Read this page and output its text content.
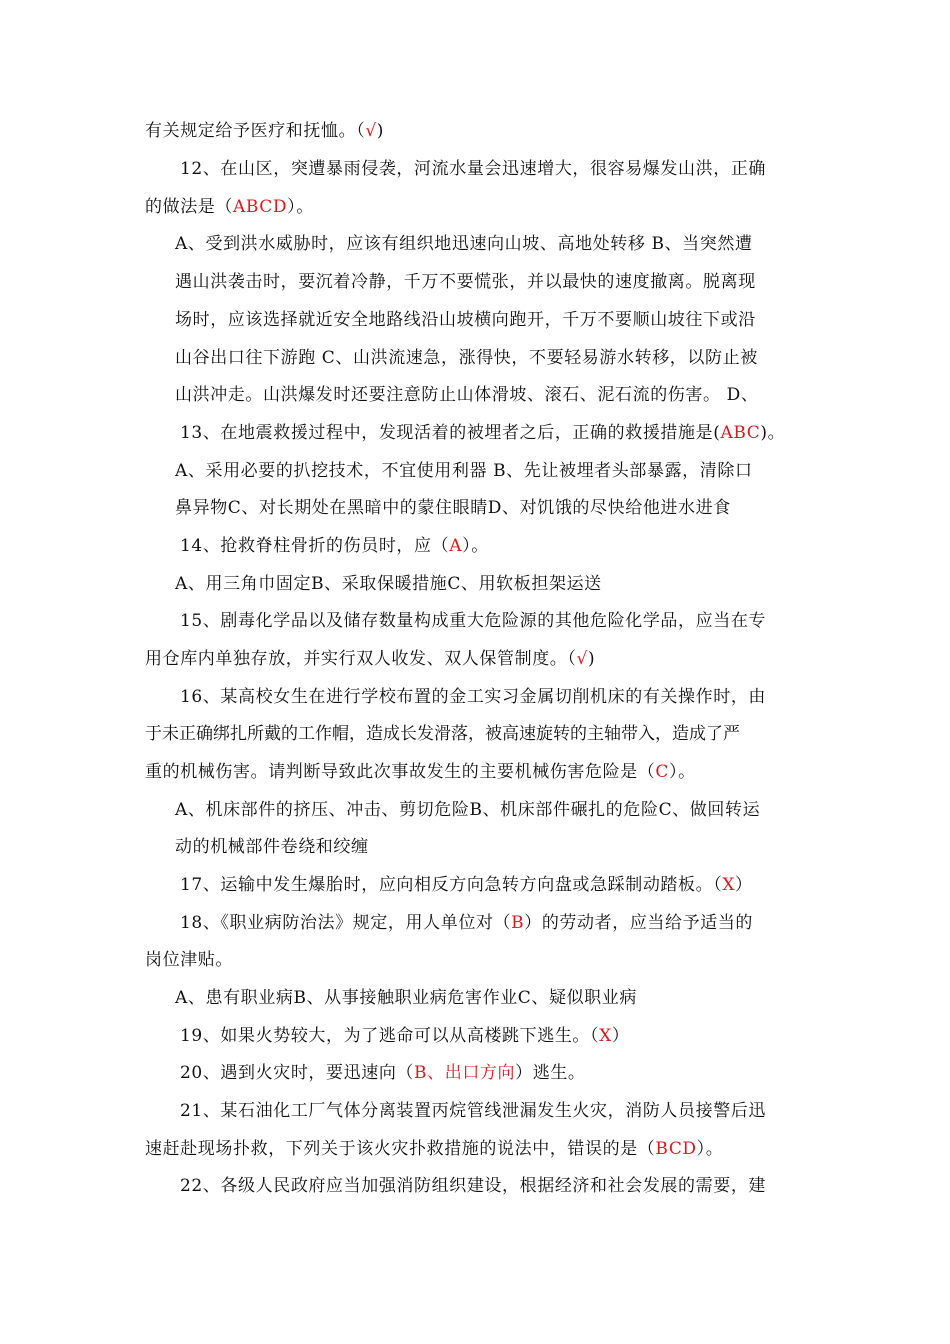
有关规定给予医疗和抚恤。（√)
12、在山区，突遭暴雨侵袭，河流水量会迅速增大，很容易爆发山洪，正确
的做法是（ABCD）。
A、受到洪水威胁时，应该有组织地迅速向山坡、高地处转移 B、当突然遭
遇山洪袭击时，要沉着冷静，千万不要慌张，并以最快的速度撤离。脱离现
场时，应该选择就近安全地路线沿山坡横向跑开，千万不要顺山坡往下或沿
山谷出口往下游跑 C、山洪流速急，涨得快，不要轻易游水转移，以防止被
山洪冲走。山洪爆发时还要注意防止山体滑坡、滚石、泥石流的伤害。 D、
13、在地震救援过程中，发现活着的被埋者之后，正确的救援措施是(ABC)。
A、采用必要的扒挖技术，不宜使用利器 B、先让被埋者头部暴露，清除口
鼻异物C、对长期处在黑暗中的蒙住眼睛D、对饥饿的尽快给他进水进食
14、抢救脊柱骨折的伤员时，应（A）。
A、用三角巾固定B、采取保暖措施C、用软板担架运送
15、剧毒化学品以及储存数量构成重大危险源的其他危险化学品，应当在专
用仓库内单独存放，并实行双人收发、双人保管制度。（√)
16、某高校女生在进行学校布置的金工实习金属切削机床的有关操作时，由
于未正确绑扎所戴的工作帽，造成长发滑落，被高速旋转的主轴带入，造成了严
重的机械伤害。请判断导致此次事故发生的主要机械伤害危险是（C）。
A、机床部件的挤压、冲击、剪切危险B、机床部件碾扎的危险C、做回转运
动的机械部件卷绕和绞缠
17、运输中发生爆胎时，应向相反方向急转方向盘或急踩制动踏板。（X）
18、《职业病防治法》规定，用人单位对（B）的劳动者，应当给予适当的
岗位津贴。
A、患有职业病B、从事接触职业病危害作业C、疑似职业病
19、如果火势较大，为了逃命可以从高楼跳下逃生。（X）
20、遇到火灾时，要迅速向（B、出口方向）逃生。
21、某石油化工厂气体分离装置丙烷管线泄漏发生火灾，消防人员接警后迅
速赶赴现场扑救，下列关于该火灾扑救措施的说法中，错误的是（BCD）。
22、各级人民政府应当加强消防组织建设，根据经济和社会发展的需要，建
